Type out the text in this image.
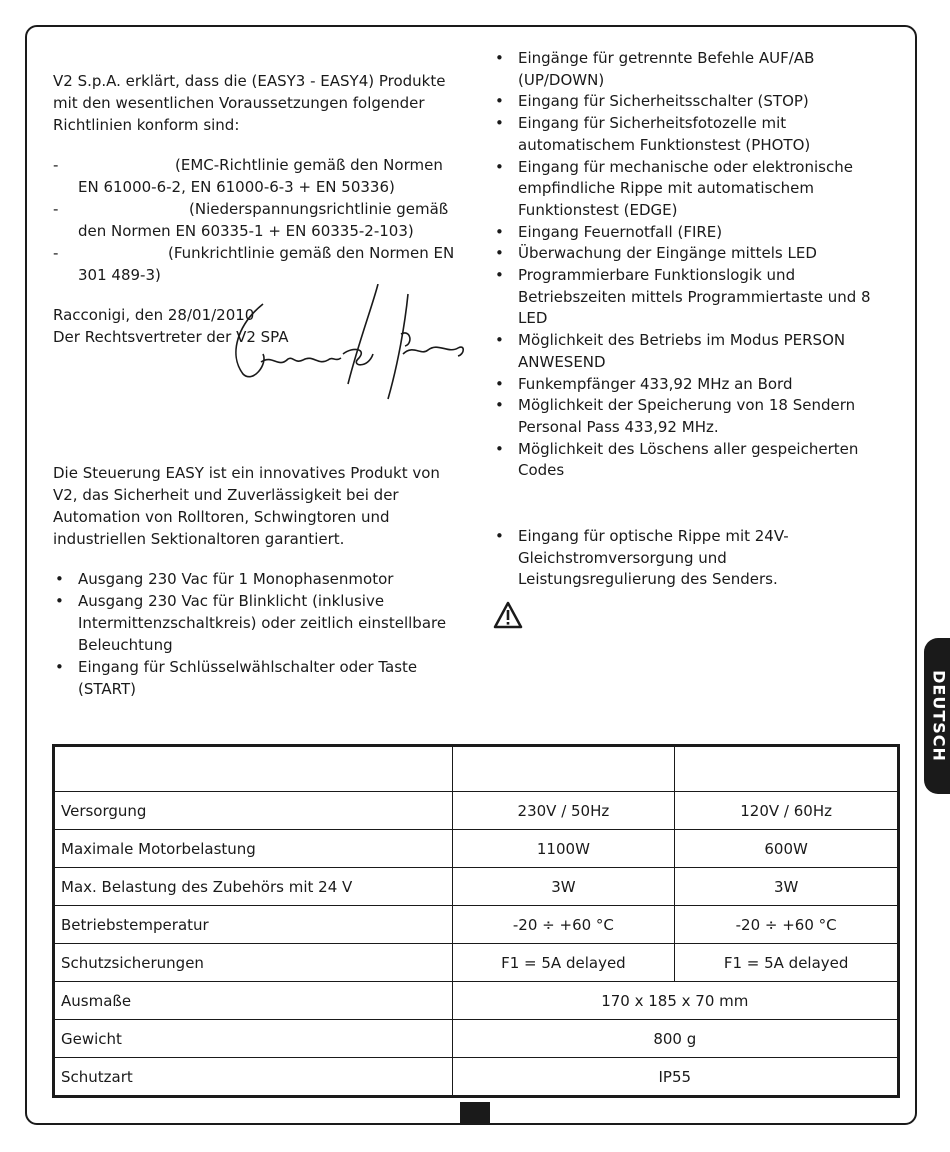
V2 S.p.A. erklärt, dass die (EASY3 - EASY4) Produkte mit den wesentlichen Voraussetzungen folgender Richtlinien konform sind:

-	(EMC-Richtlinie gemäß den Normen EN 61000-6-2, EN 61000-6-3 + EN 50336)
-	(Niederspannungsrichtlinie gemäß den Normen EN 60335-1 + EN 60335-2-103)
-	(Funkrichtlinie gemäß den Normen EN 301 489-3)

Racconigi, den 28/01/2010

Der Rechtsvertreter der V2 SPA

Die Steuerung EASY ist ein innovatives Produkt von V2, das Sicherheit und Zuverlässigkeit bei der Automation von Rolltoren, Schwingtoren und industriellen Sektionaltoren garantiert.

• Ausgang 230 Vac für 1 Monophasenmotor
• Ausgang 230 Vac für Blinklicht (inklusive Intermittenzschaltkreis) oder zeitlich einstellbare Beleuchtung
• Eingang für Schlüsselwählschalter oder Taste (START)
• Eingänge für getrennte Befehle AUF/AB (UP/DOWN)
• Eingang für Sicherheitsschalter (STOP)
• Eingang für Sicherheitsfotozelle mit automatischem Funktionstest (PHOTO)
• Eingang für mechanische oder elektronische empfindliche Rippe mit automatischem Funktionstest (EDGE)
• Eingang Feuernotfall (FIRE)
• Überwachung der Eingänge mittels LED
• Programmierbare Funktionslogik und Betriebszeiten mittels Programmiertaste und 8 LED
• Möglichkeit des Betriebs im Modus PERSON ANWESEND
• Funkempfänger 433,92 MHz an Bord
• Möglichkeit der Speicherung von 18 Sendern Personal Pass 433,92 MHz.
• Möglichkeit des Löschens aller gespeicherten Codes
• Eingang für optische Rippe mit 24V-Gleichstromversorgung und Leistungsregulierung des Senders.
DEUTSCH

Versorgung	230V / 50Hz	120V / 60Hz
Maximale Motorbelastung	1100W	600W
Max. Belastung des Zubehörs mit 24 V	3W	3W
Betriebstemperatur	-20 ÷ +60 °C	-20 ÷ +60 °C
Schutzsicherungen	F1 = 5A delayed	F1 = 5A delayed
Ausmaße	170 x 185 x 70 mm	
Gewicht	800 g	
Schutzart	IP55	
